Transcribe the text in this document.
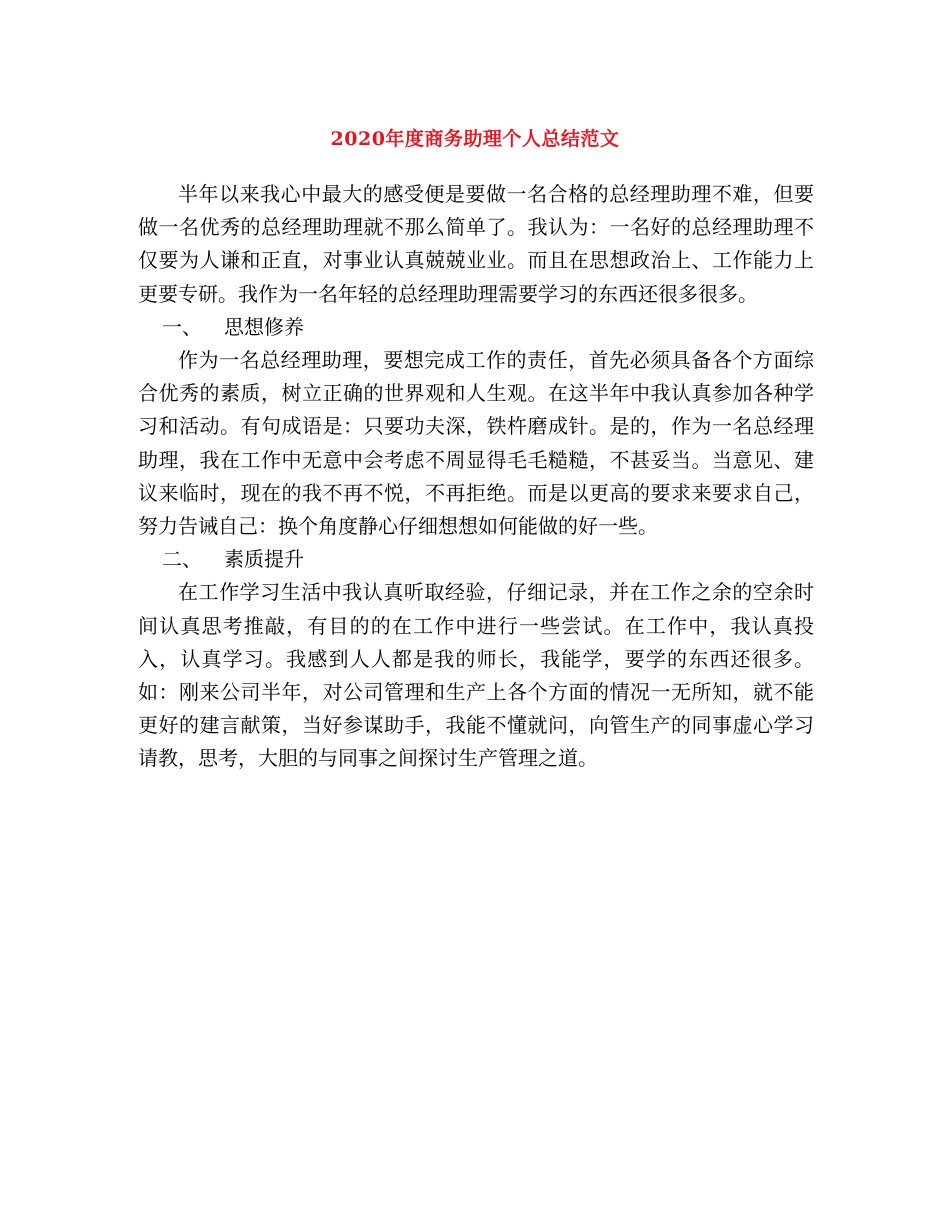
2020年度商务助理个人总结范文

半年以来我心中最大的感受便是要做一名合格的总经理助理不难，但要做一名优秀的总经理助理就不那么简单了。我认为：一名好的总经理助理不仅要为人谦和正直，对事业认真兢兢业业。而且在思想政治上、工作能力上更要专研。我作为一名年轻的总经理助理需要学习的东西还很多很多。

一、 思想修养

作为一名总经理助理，要想完成工作的责任，首先必须具备各个方面综合优秀的素质，树立正确的世界观和人生观。在这半年中我认真参加各种学习和活动。有句成语是：只要功夫深，铁杵磨成针。是的，作为一名总经理助理，我在工作中无意中会考虑不周显得毛毛糙糙，不甚妥当。当意见、建议来临时，现在的我不再不悦，不再拒绝。而是以更高的要求来要求自己，努力告诫自己：换个角度静心仔细想想如何能做的好一些。

二、 素质提升

在工作学习生活中我认真听取经验，仔细记录，并在工作之余的空余时间认真思考推敲，有目的的在工作中进行一些尝试。在工作中，我认真投入，认真学习。我感到人人都是我的师长，我能学，要学的东西还很多。如：刚来公司半年，对公司管理和生产上各个方面的情况一无所知，就不能更好的建言献策，当好参谋助手，我能不懂就问，向管生产的同事虚心学习请教，思考，大胆的与同事之间探讨生产管理之道。
